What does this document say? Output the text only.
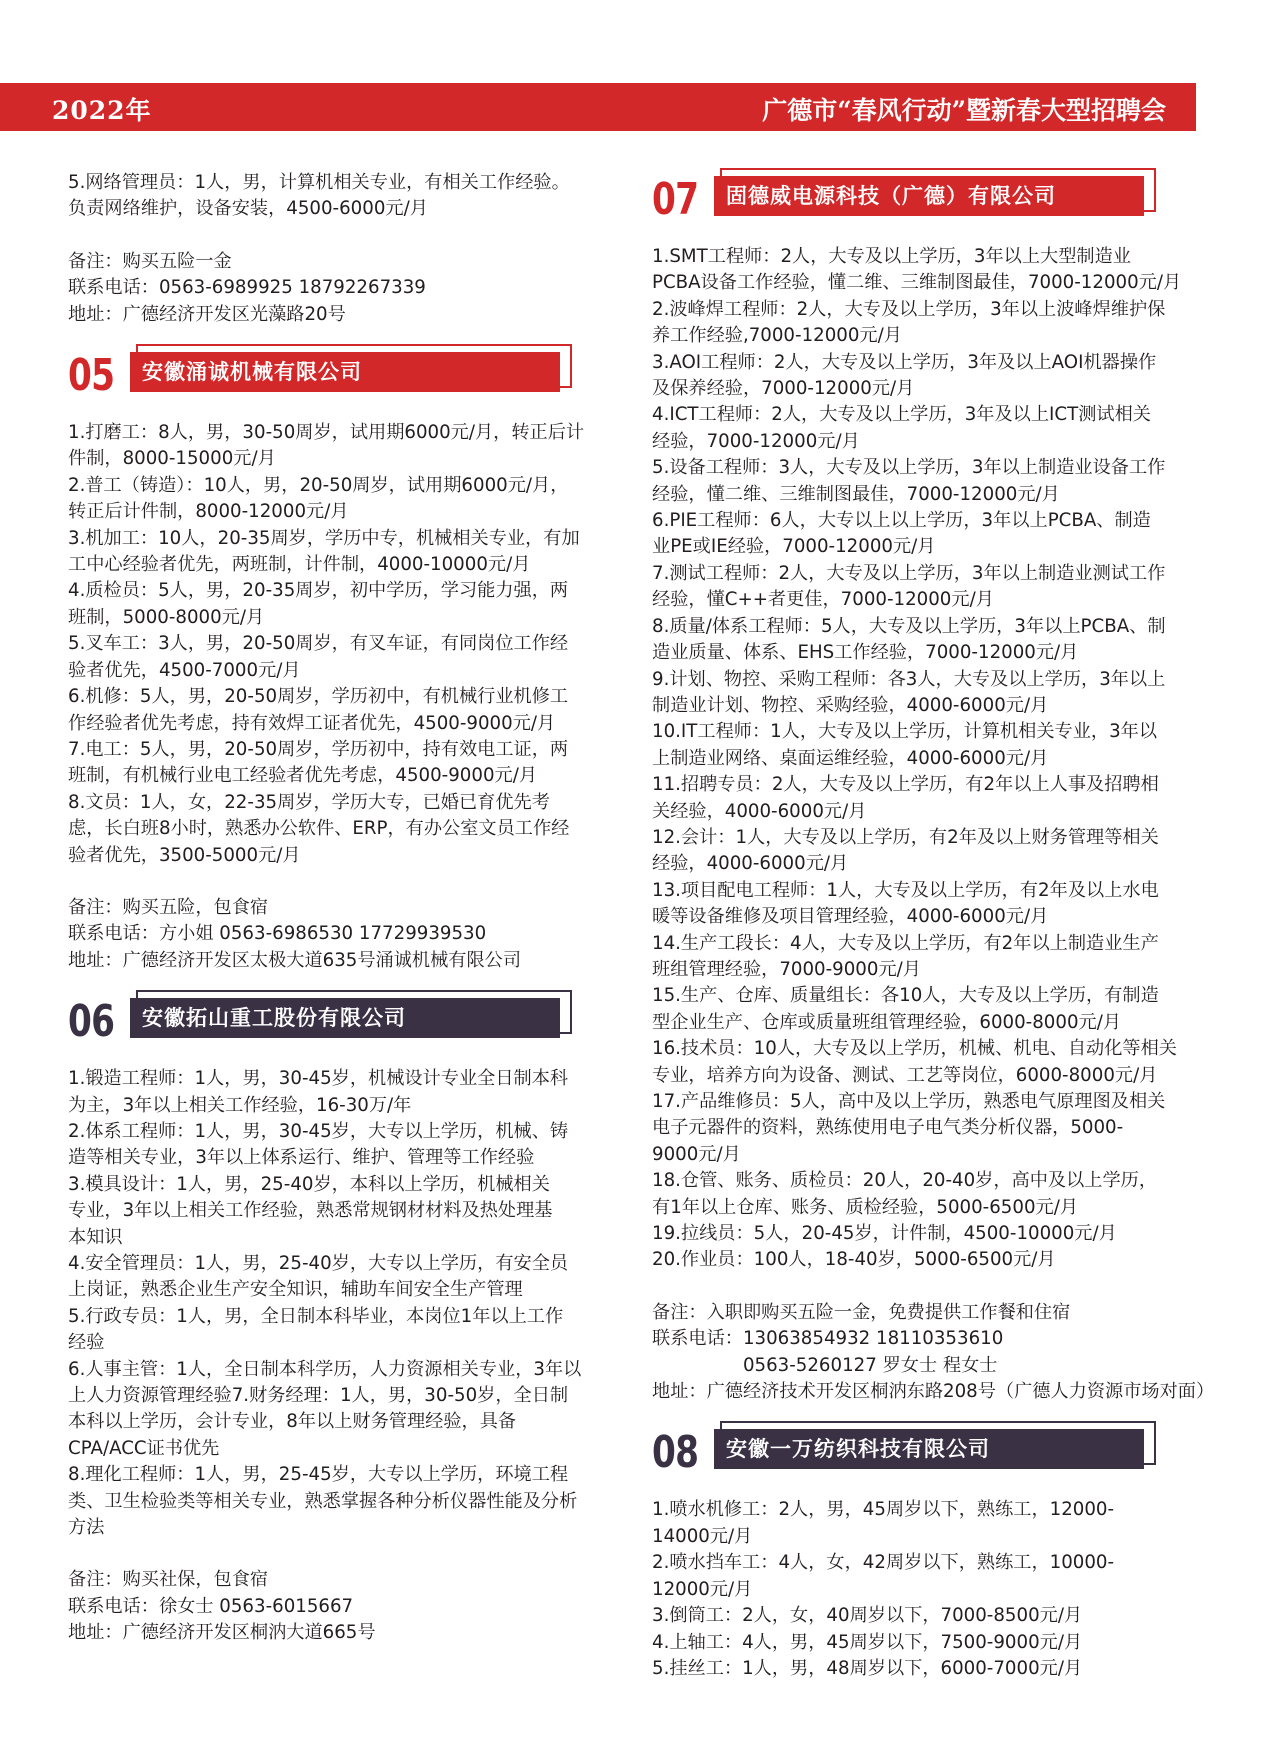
2022年	广德市“春风行动”暨新春大型招聘会

5.网络管理员：1人，男，计算机相关专业，有相关工作经验。

负责网络维护，设备安装，4500-6000元/月

备注：购买五险一金

联系电话：0563-6989925 18792267339

地址：广德经济开发区光藻路20号

05	安徽涌诚机械有限公司

1.打磨工：8人，男，30-50周岁，试用期6000元/月，转正后计

件制，8000-15000元/月

2.普工（铸造）：10人，男，20-50周岁，试用期6000元/月，

转正后计件制，8000-12000元/月

3.机加工：10人，20-35周岁，学历中专，机械相关专业，有加

工中心经验者优先，两班制，计件制，4000-10000元/月

4.质检员：5人，男，20-35周岁，初中学历，学习能力强，两

班制，5000-8000元/月

5.叉车工：3人，男，20-50周岁，有叉车证，有同岗位工作经

验者优先，4500-7000元/月

6.机修：5人，男，20-50周岁，学历初中，有机械行业机修工

作经验者优先考虑，持有效焊工证者优先，4500-9000元/月

7.电工：5人，男，20-50周岁，学历初中，持有效电工证，两

班制，有机械行业电工经验者优先考虑，4500-9000元/月

8.文员：1人，女，22-35周岁，学历大专，已婚已育优先考

虑，长白班8小时，熟悉办公软件、ERP，有办公室文员工作经

验者优先，3500-5000元/月

备注：购买五险，包食宿

联系电话：方小姐 0563-6986530 17729939530

地址：广德经济开发区太极大道635号涌诚机械有限公司

06	安徽拓山重工股份有限公司

1.锻造工程师：1人，男，30-45岁，机械设计专业全日制本科

为主，3年以上相关工作经验，16-30万/年

2.体系工程师：1人，男，30-45岁，大专以上学历，机械、铸

造等相关专业，3年以上体系运行、维护、管理等工作经验

3.模具设计：1人，男，25-40岁，本科以上学历，机械相关

专业，3年以上相关工作经验，熟悉常规钢材材料及热处理基

本知识

4.安全管理员：1人，男，25-40岁，大专以上学历，有安全员

上岗证，熟悉企业生产安全知识，辅助车间安全生产管理

5.行政专员：1人，男，全日制本科毕业，本岗位1年以上工作

经验

6.人事主管：1人，全日制本科学历，人力资源相关专业，3年以

上人力资源管理经验7.财务经理：1人，男，30-50岁，全日制

本科以上学历，会计专业，8年以上财务管理经验，具备

CPA/ACC证书优先

8.理化工程师：1人，男，25-45岁，大专以上学历，环境工程

类、卫生检验类等相关专业，熟悉掌握各种分析仪器性能及分析

方法

备注：购买社保，包食宿

联系电话：徐女士 0563-6015667

地址：广德经济开发区桐汭大道665号

07	固德威电源科技（广德）有限公司

1.SMT工程师：2人，大专及以上学历，3年以上大型制造业

PCBA设备工作经验，懂二维、三维制图最佳，7000-12000元/月

2.波峰焊工程师：2人，大专及以上学历，3年以上波峰焊维护保

养工作经验,7000-12000元/月

3.AOI工程师：2人，大专及以上学历，3年及以上AOI机器操作

及保养经验，7000-12000元/月

4.ICT工程师：2人，大专及以上学历，3年及以上ICT测试相关

经验，7000-12000元/月

5.设备工程师：3人，大专及以上学历，3年以上制造业设备工作

经验，懂二维、三维制图最佳，7000-12000元/月

6.PIE工程师：6人，大专以上以上学历，3年以上PCBA、制造

业PE或IE经验，7000-12000元/月

7.测试工程师：2人，大专及以上学历，3年以上制造业测试工作

经验，懂C++者更佳，7000-12000元/月

8.质量/体系工程师：5人，大专及以上学历，3年以上PCBA、制

造业质量、体系、EHS工作经验，7000-12000元/月

9.计划、物控、采购工程师：各3人，大专及以上学历，3年以上

制造业计划、物控、采购经验，4000-6000元/月

10.IT工程师：1人，大专及以上学历，计算机相关专业，3年以

上制造业网络、桌面运维经验，4000-6000元/月

11.招聘专员：2人，大专及以上学历，有2年以上人事及招聘相

关经验，4000-6000元/月

12.会计：1人，大专及以上学历，有2年及以上财务管理等相关

经验，4000-6000元/月

13.项目配电工程师：1人，大专及以上学历，有2年及以上水电

暖等设备维修及项目管理经验，4000-6000元/月

14.生产工段长：4人，大专及以上学历，有2年以上制造业生产

班组管理经验，7000-9000元/月

15.生产、仓库、质量组长：各10人，大专及以上学历，有制造

型企业生产、仓库或质量班组管理经验，6000-8000元/月

16.技术员：10人，大专及以上学历，机械、机电、自动化等相关

专业，培养方向为设备、测试、工艺等岗位，6000-8000元/月

17.产品维修员：5人，高中及以上学历，熟悉电气原理图及相关

电子元器件的资料，熟练使用电子电气类分析仪器，5000-

9000元/月

18.仓管、账务、质检员：20人，20-40岁，高中及以上学历，

有1年以上仓库、账务、质检经验，5000-6500元/月

19.拉线员：5人，20-45岁，计件制，4500-10000元/月

20.作业员：100人，18-40岁，5000-6500元/月

备注：入职即购买五险一金，免费提供工作餐和住宿

联系电话：13063854932 18110353610

　　　　　0563-5260127 罗女士 程女士

地址：广德经济技术开发区桐汭东路208号（广德人力资源市场对面）

08	安徽一万纺织科技有限公司

1.喷水机修工：2人，男，45周岁以下，熟练工，12000-

14000元/月

2.喷水挡车工：4人，女，42周岁以下，熟练工，10000-

12000元/月

3.倒筒工：2人，女，40周岁以下，7000-8500元/月

4.上轴工：4人，男，45周岁以下，7500-9000元/月

5.挂丝工：1人，男，48周岁以下，6000-7000元/月
